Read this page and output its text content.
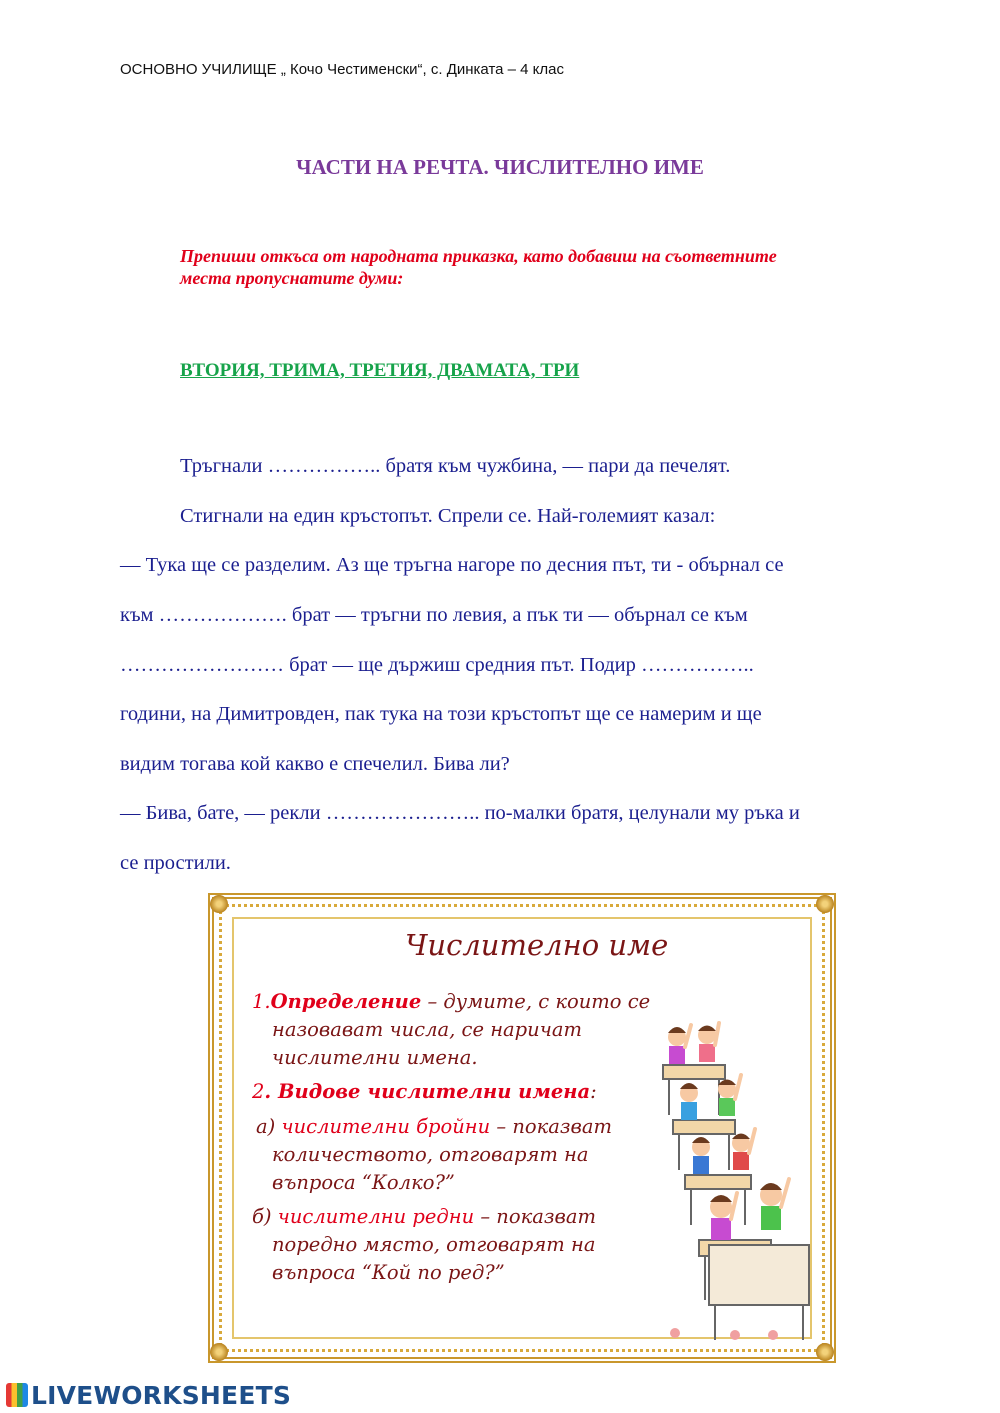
ОСНОВНО УЧИЛИЩЕ „ Кочо Честименски“, с. Динката – 4 клас
ЧАСТИ НА РЕЧТА. ЧИСЛИТЕЛНО ИМЕ
Препиши откъса от народната приказка, като добавиш на съответните
места пропуснатите думи:
ВТОРИЯ, ТРИМА, ТРЕТИЯ, ДВАМАТА, ТРИ
Тръгнали …………….. братя към чужбина, — пари да печелят.
Стигнали на един кръстопът. Спрели се. Най-големият казал:
— Тука ще се разделим. Аз ще тръгна нагоре по десния път, ти - обърнал се
към ………………. брат — тръгни по левия, а пък ти — обърнал се към
…………………… брат — ще държиш средния път. Подир ……………..
години, на Димитровден, пак тука на този кръстопът ще се намерим и ще
видим тогава кой какво е спечелил. Бива ли?
— Бива, бате, — рекли ………………….. по-малки братя, целунали му ръка и
се простили.
Числително име
1.Определение – думите, с които се
назовават числа, се наричат
числителни имена.
2. Видове числителни имена:
а) числителни бройни – показват
количеството, отговарят на
въпроса “Колко?”
б) числителни редни – показват
поредно място, отговарят на
въпроса “Кой по ред?”
LIVEWORKSHEETS
